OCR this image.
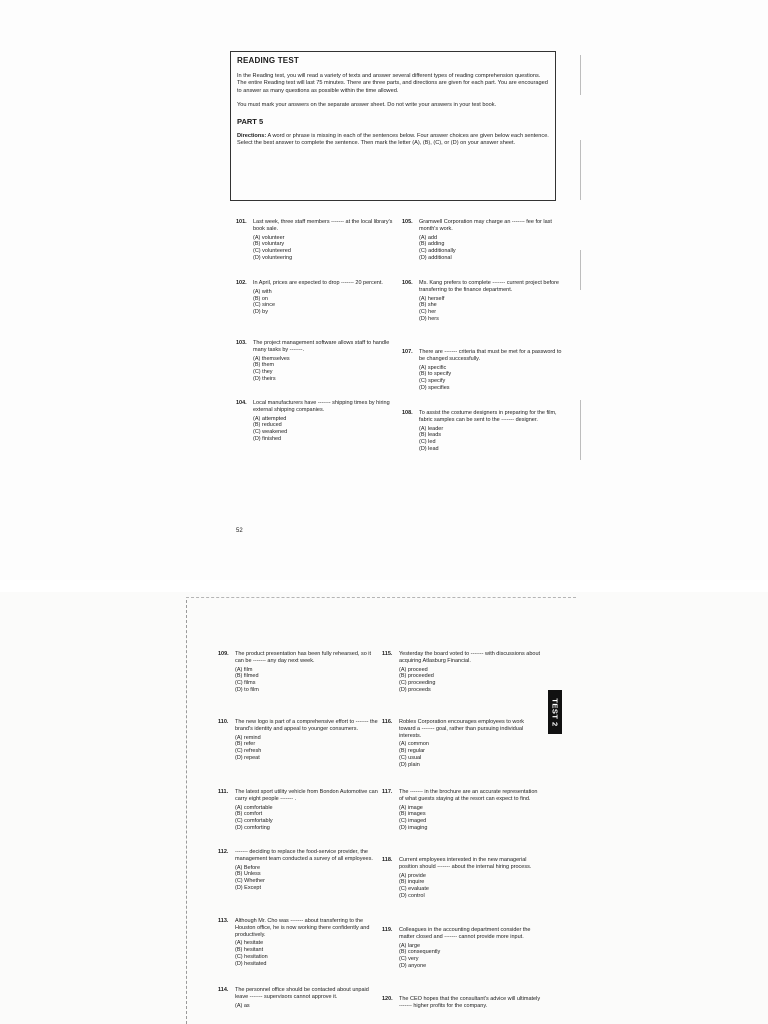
READING TEST

In the Reading test, you will read a variety of texts and answer several different types of reading comprehension questions. The entire Reading test will last 75 minutes. There are three parts, and directions are given for each part. You are encouraged to answer as many questions as possible within the time allowed.

You must mark your answers on the separate answer sheet. Do not write your answers in your test book.

PART 5

Directions: A word or phrase is missing in each of the sentences below. Four answer choices are given below each sentence. Select the best answer to complete the sentence. Then mark the letter (A), (B), (C), or (D) on your answer sheet.

52
TEST 2
101. Last week, three staff members ------- at the local library's book sale.
(A) volunteer
(B) voluntary
(C) volunteered
(D) volunteering
102. In April, prices are expected to drop ------- 20 percent.
(A) with
(B) on
(C) since
(D) by
103. The project management software allows staff to handle many tasks by -------.
(A) themselves
(B) them
(C) they
(D) theirs
104. Local manufacturers have ------- shipping times by hiring external shipping companies.
(A) attempted
(B) reduced
(C) weakened
(D) finished
105. Gramwell Corporation may charge an ------- fee for last month's work.
(A) add
(B) adding
(C) additionally
(D) additional
106. Ms. Kang prefers to complete ------- current project before transferring to the finance department.
(A) herself
(B) she
(C) her
(D) hers
107. There are ------- criteria that must be met for a password to be changed successfully.
(A) specific
(B) to specify
(C) specify
(D) specifies
108. To assist the costume designers in preparing for the film, fabric samples can be sent to the ------- designer.
(A) leader
(B) leads
(C) led
(D) lead
109. The product presentation has been fully rehearsed, so it can be ------- any day next week.
(A) film
(B) filmed
(C) films
(D) to film
110. The new logo is part of a comprehensive effort to ------- the brand's identity and appeal to younger consumers.
(A) remind
(B) refer
(C) refresh
(D) repeat
111. The latest sport utility vehicle from Bondon Automotive can carry eight people ------- .
(A) comfortable
(B) comfort
(C) comfortably
(D) comforting
112. ------- deciding to replace the food-service provider, the management team conducted a survey of all employees.
(A) Before
(B) Unless
(C) Whether
(D) Except
113. Although Mr. Cho was ------- about transferring to the Houston office, he is now working there confidently and productively.
(A) hesitate
(B) hesitant
(C) hesitation
(D) hesitated
114. The personnel office should be contacted about unpaid leave ------- supervisors cannot approve it.
(A) as
115. Yesterday the board voted to ------- with discussions about acquiring Atlasburg Financial.
(A) proceed
(B) proceeded
(C) proceeding
(D) proceeds
116. Robles Corporation encourages employees to work toward a ------- goal, rather than pursuing individual interests.
(A) common
(B) regular
(C) usual
(D) plain
117. The ------- in the brochure are an accurate representation of what guests staying at the resort can expect to find.
(A) image
(B) images
(C) imaged
(D) imaging
118. Current employees interested in the new managerial position should ------- about the internal hiring process.
(A) provide
(B) inquire
(C) evaluate
(D) control
119. Colleagues in the accounting department consider the matter closed and ------- cannot provide more input.
(A) large
(B) consequently
(C) very
(D) anyone
120. The CEO hopes that the consultant's advice will ultimately ------- higher profits for the company.
